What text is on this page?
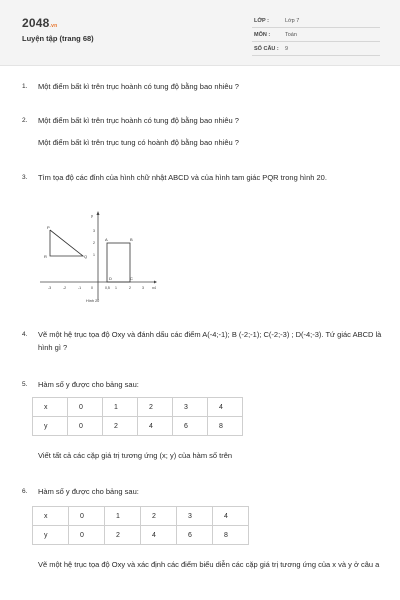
2048.vn
Luyện tập (trang 68)
LỚP :	Lớp 7
MÔN :	Toán
SỐ CÂU : 9
1. Một điểm bất kì trên trục hoành có tung độ bằng bao nhiêu ?
2. Một điểm bất kì trên trục hoành có tung độ bằng bao nhiêu ?
Một điểm bất kì trên trục tung có hoành độ bằng bao nhiêu ?
3. Tìm tọa độ các đỉnh của hình chữ nhật ABCD và của hình tam giác PQR trong hình 20.
y
x
P
Q
R
A	B
C
D
3
2
1
-3	-2	-1	0	0,5 1	2	3	4
Hình 20
4. Vẽ một hệ trục tọa độ Oxy và đánh dấu các điểm A(-4;-1); B (-2;-1); C(-2;-3) ; D(-4;-3). Tứ giác ABCD là hình gì ?
5. Hàm số y được cho bảng sau:
x	0	1	2	3	4
y	0	2	4	6	8
Viết tất cả các cặp giá trị tương ứng (x; y) của hàm số trên
6. Hàm số y được cho bảng sau:
x	0	1	2	3	4
y	0	2	4	6	8
Vẽ một hệ trục tọa độ Oxy và xác định các điểm biểu diễn các cặp giá trị tương ứng của x và y ở câu a
